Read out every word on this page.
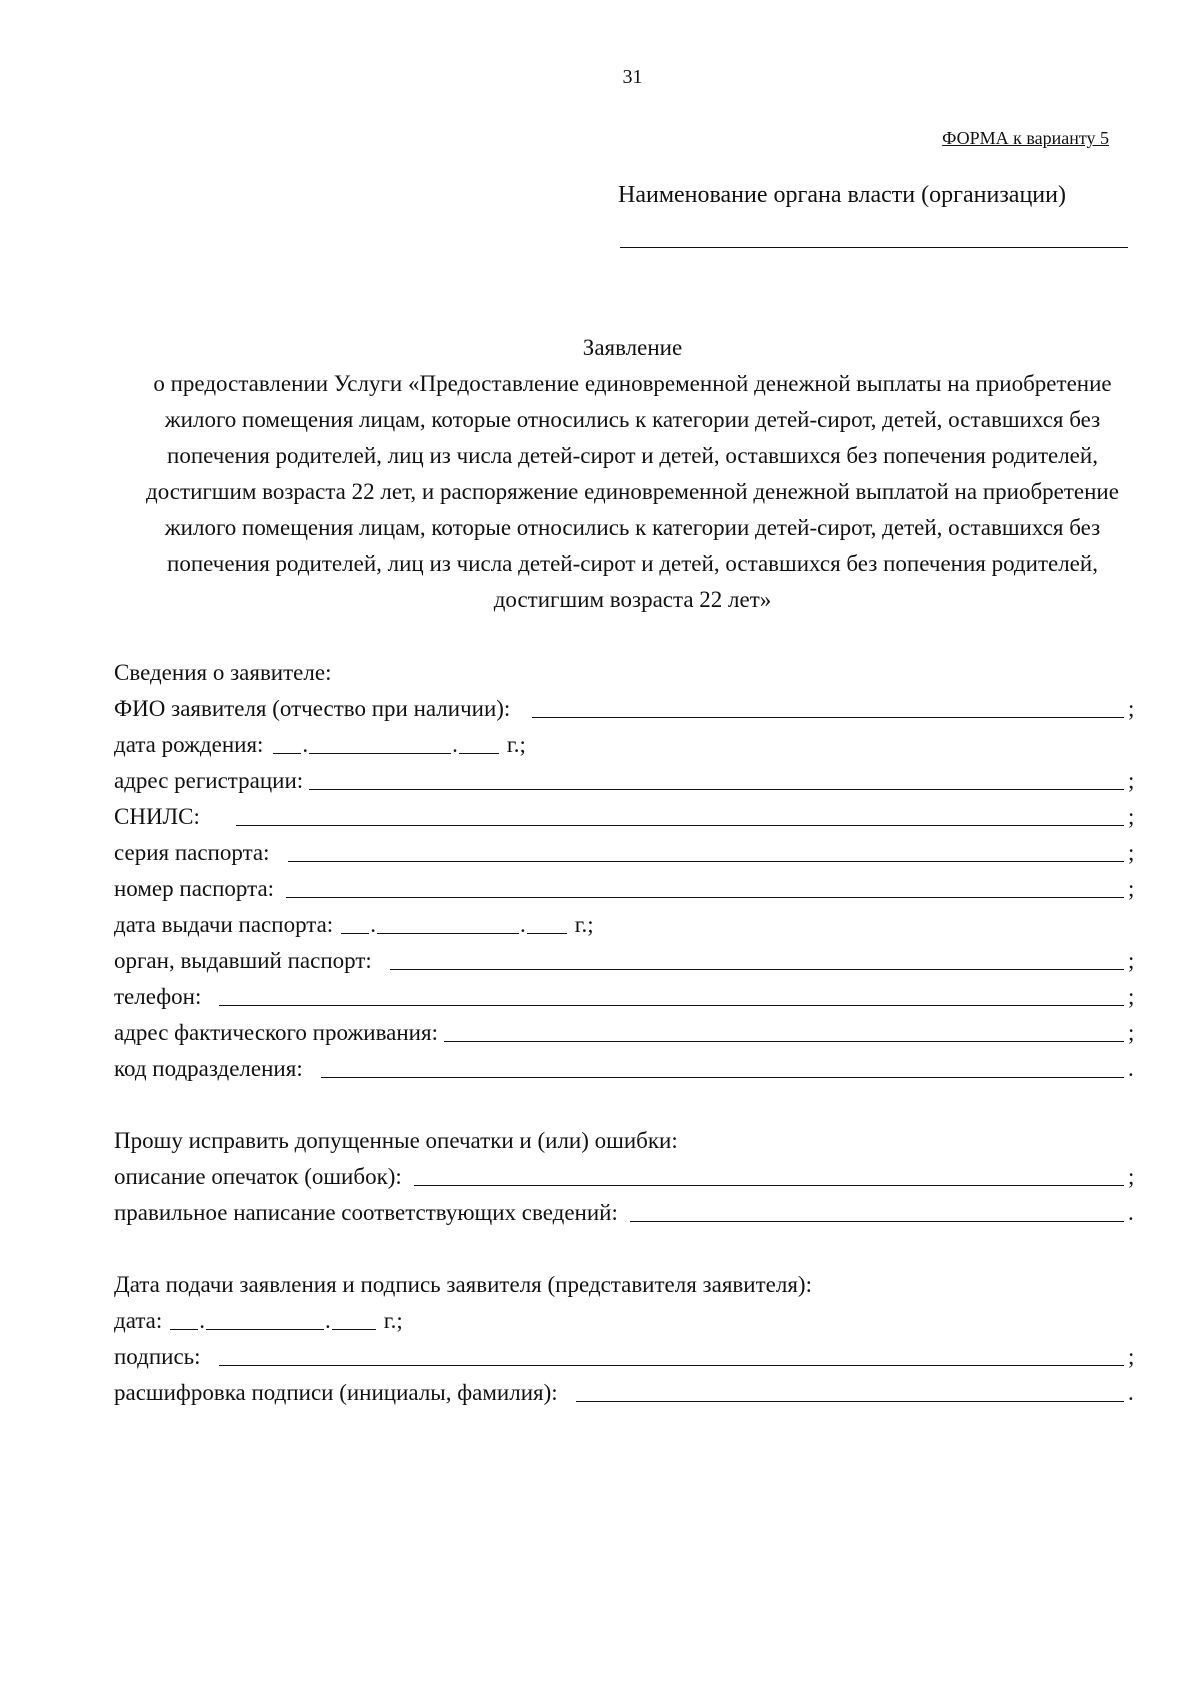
31
ФОРМА к варианту 5
Наименование органа власти (организации)

Заявление

о предоставлении Услуги «Предоставление единовременной денежной выплаты на приобретение

жилого помещения лицам, которые относились к категории детей-сирот, детей, оставшихся без

попечения родителей, лиц из числа детей-сирот и детей, оставшихся без попечения родителей,

достигшим возраста 22 лет, и распоряжение единовременной денежной выплатой на приобретение

жилого помещения лицам, которые относились к категории детей-сирот, детей, оставшихся без

попечения родителей, лиц из числа детей-сирот и детей, оставшихся без попечения родителей,

достигшим возраста 22 лет»

Сведения о заявителе:
ФИО заявителя (отчество при наличии):	;
дата рождения: .	. г.;
адрес регистрации:	;
СНИЛС:	;
серия паспорта:	;
номер паспорта:	;
дата выдачи паспорта: .	. г.;
орган, выдавший паспорт:	;
телефон:	;
адрес фактического проживания:	;
код подразделения:	.
Прошу исправить допущенные опечатки и (или) ошибки:
описание опечаток (ошибок):	;
правильное написание соответствующих сведений:	.
Дата подачи заявления и подпись заявителя (представителя заявителя):
дата: .	. г.;
подпись:	;
расшифровка подписи (инициалы, фамилия):	.
